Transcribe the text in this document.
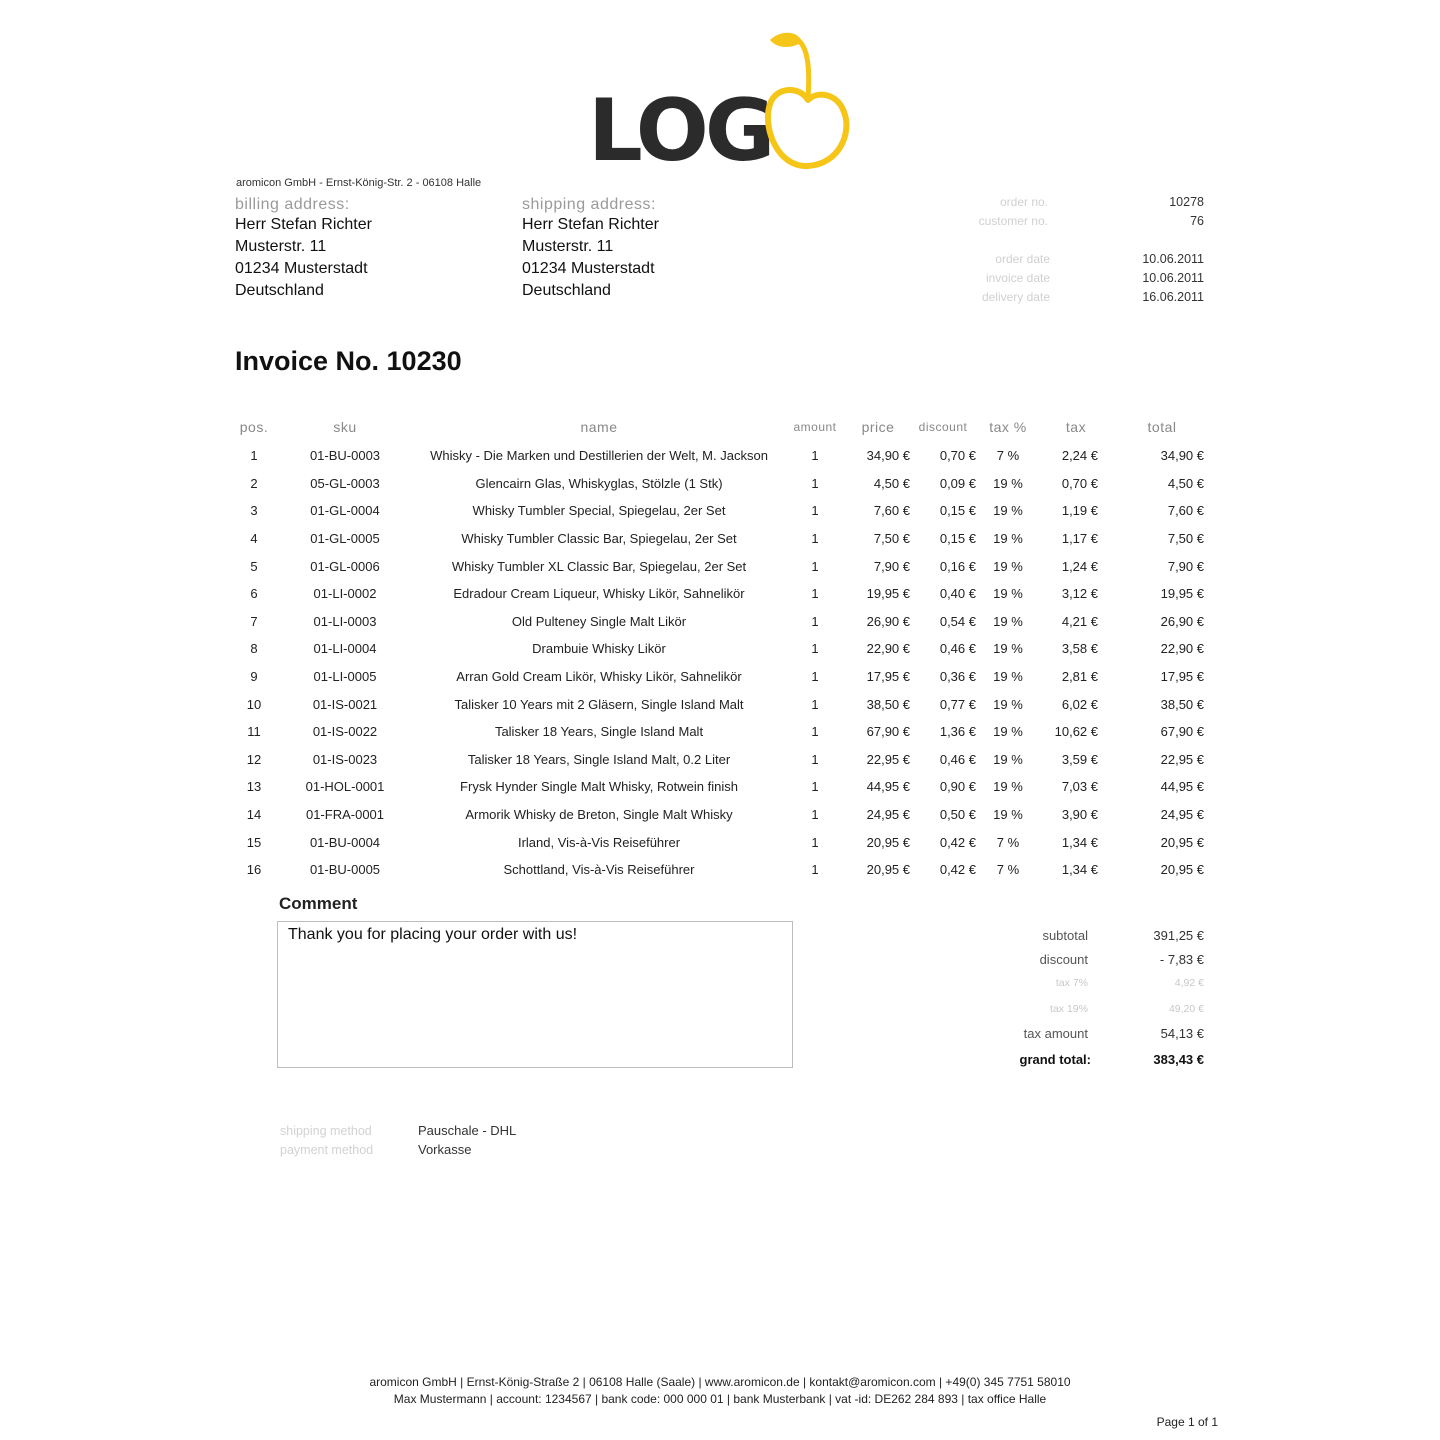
LOG
aromicon GmbH - Ernst-König-Str. 2 - 06108 Halle
billing address:
Herr Stefan Richter
Musterstr. 11
01234 Musterstadt
Deutschland
shipping address:
Herr Stefan Richter
Musterstr. 11
01234 Musterstadt
Deutschland
order no.	10278
customer no.	76
order date	10.06.2011
invoice date	10.06.2011
delivery date	16.06.2011
Invoice No. 10230
pos.	sku	name	amount	price	discount	tax %	tax	total
1	01-BU-0003	Whisky - Die Marken und Destillerien der Welt, M. Jackson	1	34,90 €	0,70 €	7 %	2,24 €	34,90 €
2	05-GL-0003	Glencairn Glas, Whiskyglas, Stölzle (1 Stk)	1	4,50 €	0,09 €	19 %	0,70 €	4,50 €
3	01-GL-0004	Whisky Tumbler Special, Spiegelau, 2er Set	1	7,60 €	0,15 €	19 %	1,19 €	7,60 €
4	01-GL-0005	Whisky Tumbler Classic Bar, Spiegelau, 2er Set	1	7,50 €	0,15 €	19 %	1,17 €	7,50 €
5	01-GL-0006	Whisky Tumbler XL Classic Bar, Spiegelau, 2er Set	1	7,90 €	0,16 €	19 %	1,24 €	7,90 €
6	01-LI-0002	Edradour Cream Liqueur, Whisky Likör, Sahnelikör	1	19,95 €	0,40 €	19 %	3,12 €	19,95 €
7	01-LI-0003	Old Pulteney Single Malt Likör	1	26,90 €	0,54 €	19 %	4,21 €	26,90 €
8	01-LI-0004	Drambuie Whisky Likör	1	22,90 €	0,46 €	19 %	3,58 €	22,90 €
9	01-LI-0005	Arran Gold Cream Likör, Whisky Likör, Sahnelikör	1	17,95 €	0,36 €	19 %	2,81 €	17,95 €
10	01-IS-0021	Talisker 10 Years mit 2 Gläsern, Single Island Malt	1	38,50 €	0,77 €	19 %	6,02 €	38,50 €
11	01-IS-0022	Talisker 18 Years, Single Island Malt	1	67,90 €	1,36 €	19 %	10,62 €	67,90 €
12	01-IS-0023	Talisker 18 Years, Single Island Malt, 0.2 Liter	1	22,95 €	0,46 €	19 %	3,59 €	22,95 €
13	01-HOL-0001	Frysk Hynder Single Malt Whisky, Rotwein finish	1	44,95 €	0,90 €	19 %	7,03 €	44,95 €
14	01-FRA-0001	Armorik Whisky de Breton, Single Malt Whisky	1	24,95 €	0,50 €	19 %	3,90 €	24,95 €
15	01-BU-0004	Irland, Vis-à-Vis Reiseführer	1	20,95 €	0,42 €	7 %	1,34 €	20,95 €
16	01-BU-0005	Schottland, Vis-à-Vis Reiseführer	1	20,95 €	0,42 €	7 %	1,34 €	20,95 €
Comment
Thank you for placing your order with us!	subtotal	391,25 €
discount	- 7,83 €
tax 7%	4,92 €
tax 19%	49,20 €
tax amount	54,13 €
grand total:	383,43 €
shipping method	Pauschale - DHL
payment method	Vorkasse
aromicon GmbH | Ernst-König-Straße 2 | 06108 Halle (Saale) | www.aromicon.de | kontakt@aromicon.com | +49(0) 345 7751 58010
Max Mustermann | account: 1234567 | bank code: 000 000 01 | bank Musterbank | vat -id: DE262 284 893 | tax office Halle
Page 1 of 1
